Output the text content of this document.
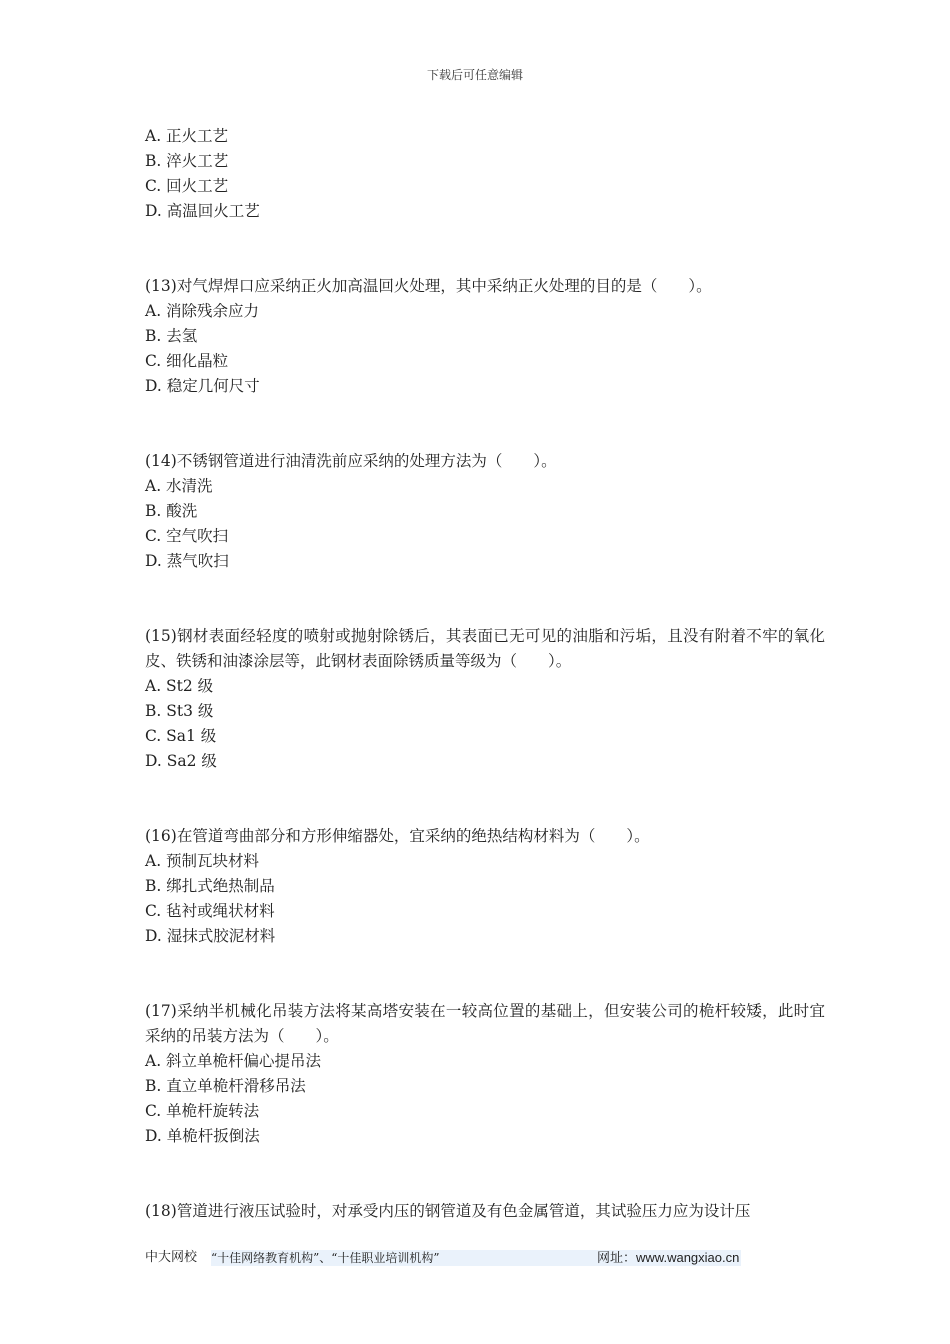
下载后可任意编辑
A. 正火工艺
B. 淬火工艺
C. 回火工艺
D. 高温回火工艺
(13)对气焊焊口应采纳正火加高温回火处理，其中采纳正火处理的目的是（　　）。
A. 消除残余应力
B. 去氢
C. 细化晶粒
D. 稳定几何尺寸
(14)不锈钢管道进行油清洗前应采纳的处理方法为（　　）。
A. 水清洗
B. 酸洗
C. 空气吹扫
D. 蒸气吹扫
(15)钢材表面经轻度的喷射或抛射除锈后，其表面已无可见的油脂和污垢，且没有附着不牢的氧化皮、铁锈和油漆涂层等，此钢材表面除锈质量等级为（　　）。
A. St2 级
B. St3 级
C. Sa1 级
D. Sa2 级
(16)在管道弯曲部分和方形伸缩器处，宜采纳的绝热结构材料为（　　）。
A. 预制瓦块材料
B. 绑扎式绝热制品
C. 毡衬或绳状材料
D. 湿抹式胶泥材料
(17)采纳半机械化吊装方法将某高塔安装在一较高位置的基础上，但安装公司的桅杆较矮，此时宜采纳的吊装方法为（　　）。
A. 斜立单桅杆偏心提吊法
B. 直立单桅杆滑移吊法
C. 单桅杆旋转法
D. 单桅杆扳倒法
(18)管道进行液压试验时，对承受内压的钢管道及有色金属管道，其试验压力应为设计压
中大网校 “十佳网络教育机构”、“十佳职业培训机构”	网址：www.wangxiao.cn
